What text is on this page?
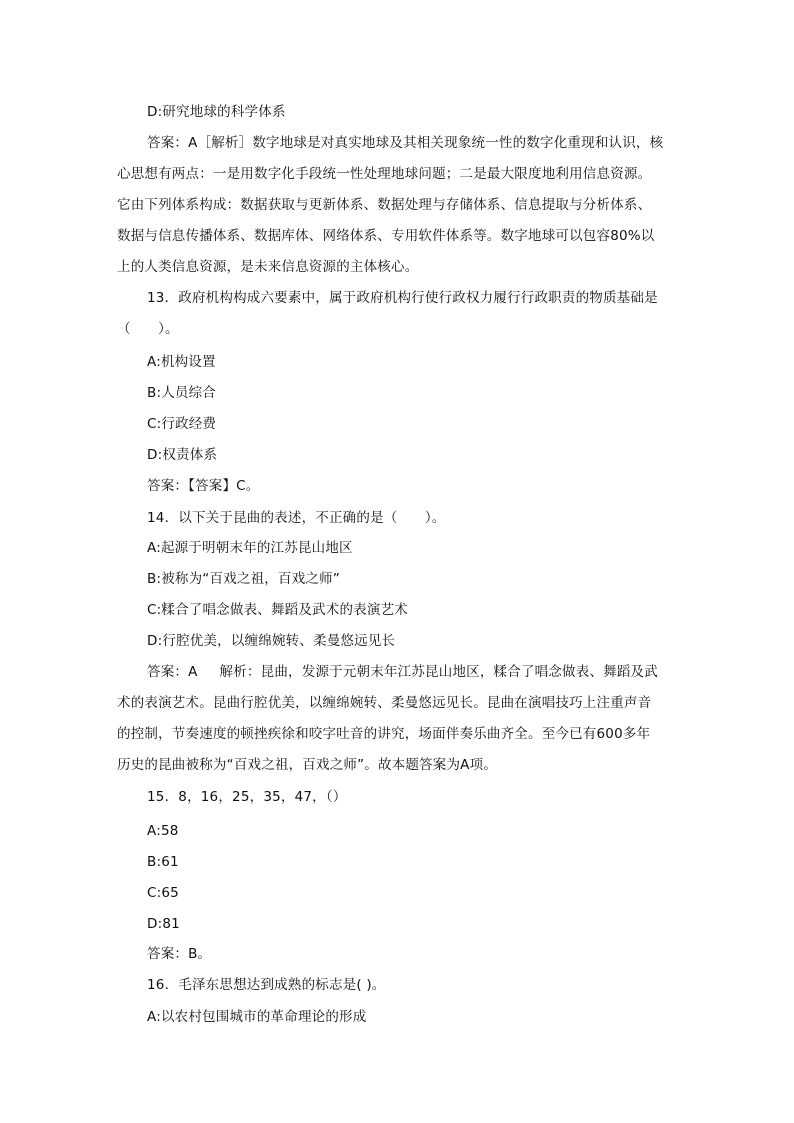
D:研究地球的科学体系
答案：A［解析］数字地球是对真实地球及其相关现象统一性的数字化重现和认识，核
心思想有两点：一是用数字化手段统一性处理地球问题；二是最大限度地利用信息资源。
它由下列体系构成：数据获取与更新体系、数据处理与存储体系、信息提取与分析体系、
数据与信息传播体系、数据库体、网络体系、专用软件体系等。数字地球可以包容80%以
上的人类信息资源，是未来信息资源的主体核心。
13．政府机构构成六要素中，属于政府机构行使行政权力履行行政职责的物质基础是
（　　）。
A:机构设置
B:人员综合
C:行政经费
D:权责体系
答案：【答案】C。
14．以下关于昆曲的表述，不正确的是（　　）。
A:起源于明朝末年的江苏昆山地区
B:被称为“百戏之祖，百戏之师”
C:糅合了唱念做表、舞蹈及武术的表演艺术
D:行腔优美，以缠绵婉转、柔曼悠远见长
答案：A 解析：昆曲，发源于元朝末年江苏昆山地区，糅合了唱念做表、舞蹈及武
术的表演艺术。昆曲行腔优美，以缠绵婉转、柔曼悠远见长。昆曲在演唱技巧上注重声音
的控制，节奏速度的顿挫疾徐和咬字吐音的讲究，场面伴奏乐曲齐全。至今已有600多年
历史的昆曲被称为“百戏之祖，百戏之师”。故本题答案为A项。
15．8，16，25，35，47，（）
A:58
B:61
C:65
D:81
答案：B。
16．毛泽东思想达到成熟的标志是( )。
A:以农村包围城市的革命理论的形成
